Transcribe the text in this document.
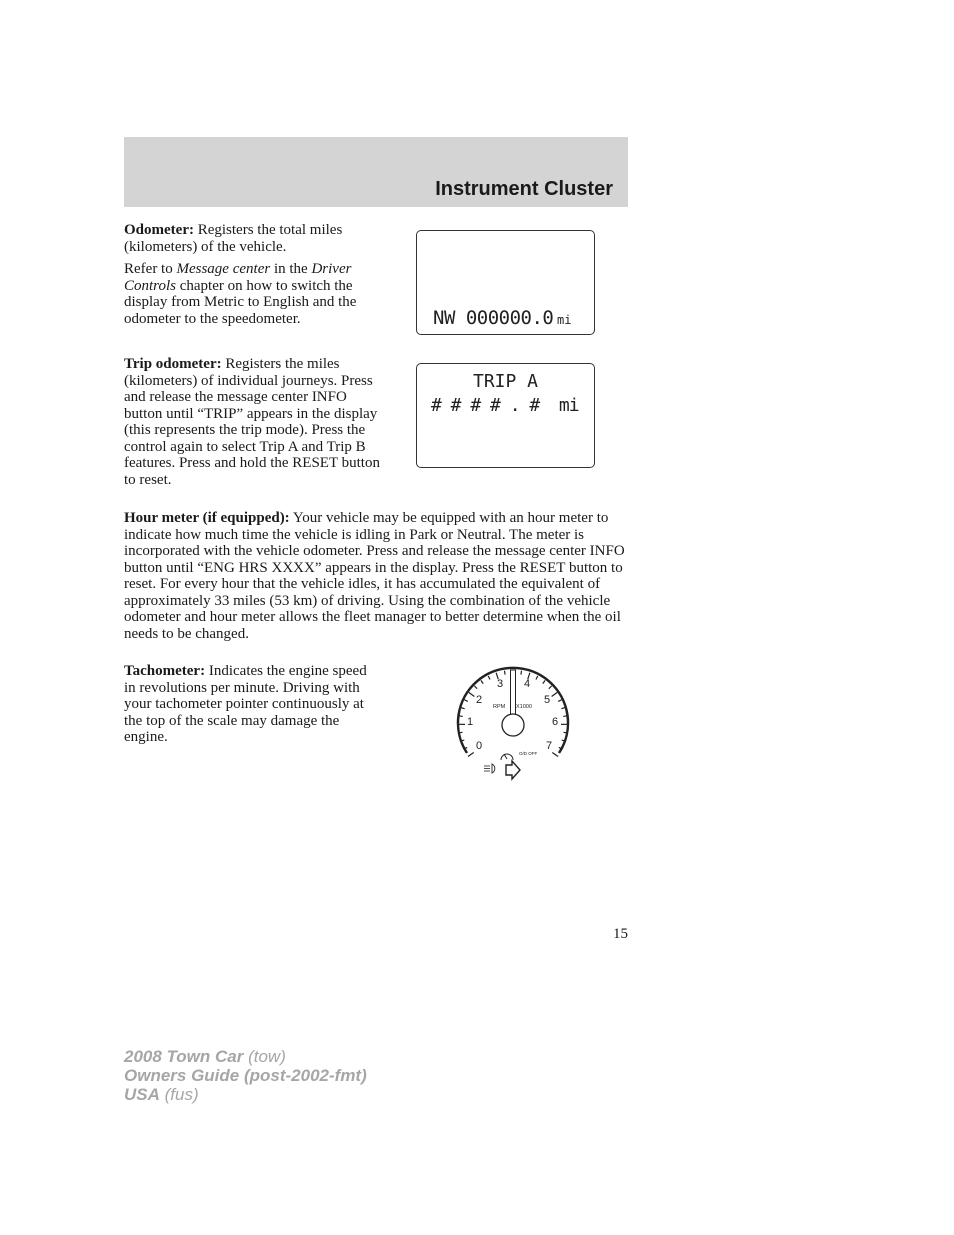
Instrument Cluster

Odometer: Registers the total miles (kilometers) of the vehicle.

Refer to Message center in the Driver Controls chapter on how to switch the display from Metric to English and the odometer to the speedometer.	NW 000000.0 mi

Trip odometer: Registers the miles (kilometers) of individual journeys. Press and release the message center INFO button until “TRIP” appears in the display (this represents the trip mode). Press the control again to select Trip A and Trip B features. Press and hold the RESET button to reset.

TRIP A
# # # # . #  mi

Hour meter (if equipped): Your vehicle may be equipped with an hour meter to indicate how much time the vehicle is idling in Park or Neutral. The meter is incorporated with the vehicle odometer. Press and release the message center INFO button until “ENG HRS XXXX” appears in the display. Press the RESET button to reset. For every hour that the vehicle idles, it has accumulated the equivalent of approximately 33 miles (53 km) of driving. Using the combination of the vehicle odometer and hour meter allows the fleet manager to better determine when the oil needs to be changed.

Tachometer: Indicates the engine speed in revolutions per minute. Driving with your tachometer pointer continuously at the top of the scale may damage the engine.

0
1
2
3 4
5
6
7
RPM X1000
O/D OFF
15
2008 Town Car (tow)
Owners Guide (post-2002-fmt)
USA (fus)
